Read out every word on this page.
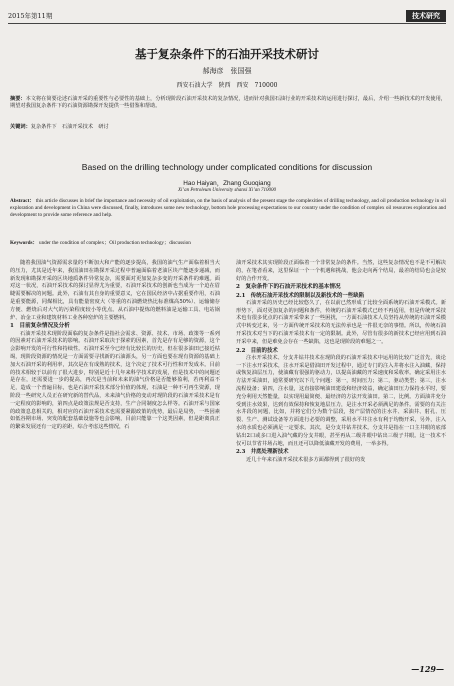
2015年第11期	技术研究
基于复杂条件下的石油开采技术研讨
郝海彦　张国强
西安石油大学　陕西　西安　710000
摘要：本文将在简要论述石油开采的重要性与必要性的基础上，分析现阶段石油开采技术的复杂情况，进而针对我国石油行业的开采技术的运用进行探讨，最后，介绍一些新技术的开发使用，期望对我国复杂条件下的石油资源勘探开发提供一些借鉴和帮助。
关键词：复杂条件下　石油开采技术　研讨
Based on the drilling technology under complicated conditions for discussion
Hao Haiyan，Zhang Guoqiang
Xi’an Petroleum University shanxi Xi’an 710000
Abstract： this article discusses in brief the importance and necessity of oil exploitation, on the basis of analysis of the present stage the complexities of drilling technology, and oil production technology in oil exploration and development in China were discussed, finally, introduces some new technology, bottom hole processing expectations to our country under the condition of complex oil resources exploration and development to provide some reference and help.
Keywords： under the condition of complex；Oil production technology；discussion

随着我国油气资源需求量的不断加大和产能的逐步提高，我国的油气生产面临着相当大的压力，尤其是近年来，我国油田在勘探开采过程中普遍面临着老油区块产能逐步递减，而新发现和勘探开采的区块地质条件异常复杂，需要面对更加复杂多变的开采条件的难题。面对这一状况，石油开采技术的探讨显得尤为重要，石油开采技术的创新也当成为一个迫在眉睫需要解决的问题。此外，石油有其自身的重要意义，它在国民经济中占据重要作用，石油是重要能源，同煤相比，具有能量密度大（等重的石油燃烧热比标准煤高50%）、运输储存方便、燃烧后对大气的污染程度较小等优点。从石油中提炼的燃料油是运输工具、电站锅炉、冶金工业和建筑材料工业各种窑炉的主要燃料。

1　目前复杂情况及分析

石油开采技术现阶段面临的复杂条件是指社会需求、资源、技术、市场、政策等一系列的因素对石油开采技术的影响。石油开采取决于探索的因素，首先是存有足够的资源，这个会影响开发的可行性和持续性。石油开采至今已经有比较长的历史，但在很多油田已接近枯竭，现阶段资源的情况是一方面需要寻找新的石油源头，另一方面也要在现有资源的基础上加大石油开采的利用率，其次是在有成熟的技术，这个决定了技术可行性和开发成本。目前的技术相较于以前有了很大进步，特别是近十几年来科学技术的发展，但是技术中的问题还是存在，还需要进一步的提高，再次是当前和未来的油气价格是否能够盈利，若再利益不足，造成一个普遍目标，也是石油开采技术部分价值的体现，石油是一种不可再生资源，现阶段一些研究人员正在研究新的替代品，未来油气价格的变动对现阶段的石油开采技术是有一定程度的影响的，第四点是政策法规是否支持，生产合同制度怎么样等。石油开采与国家的政策息息相关的，相对应的石油开采技术也需要紧跟政策的优势，最后是局势，一些因素如低谷期市场、突发的配套基础设施等也会影响，目前只能靠一个这类因素，但是距离真正的繁荣发展还有一定的差距，综合考虑这些情况，石

油开采技术其实现阶段正面临着一个非常复杂的条件。当然，这些复杂情况也不是不可解决的，在笔者看来，这里保证一个一个机遇和挑战，他会走向两个结局，最差的结局也会是较好的合作开发。

2　复杂条件下的石油开采技术的基本情况
2.1　传统石油开采技术的限制以及新技术的一些缺陷

石油开采的历史已经比较悠久了，在以前已然形成了比较全面系统的石油开采模式。新形势下，面对更加复杂的问题和条件，传统的石油开采模式已经不再适用，但是传统开采技术也有很多优点的石油开采带来了一些困扰，一方面石油技术人员坚持从传统的石油开采模式中转变过来，另一方面传统开采技术的无法传承也是一件很无奈的事情。所以，传统石油开采技术对当下的石油开采技术有一定的限制。此外，尽管有很多的新技术已经应用到石油开采中来，但是难免会存在一些缺陷，这也是现阶段的难题之一。

2.2　目前的技术

注水开采技术、分支井钻井技术在现阶段的石油开采技术中运用的比较广泛首先，谈论一下注水开采技术，注水开采是借油田开发过程中，通过专门的注入井将水注入油藏，保持或恢复油层压力，使油藏有很强的驱动力，以提高油藏的开采速度和采收率。确定采用注水方法开采油田，通常要研究以下几个问题：第一，时间压力；第二，驱动类型；第三，注水流程设备；第四，注水量，这直接影响油田建设和经济效益，确定油田压力保持水平时，要充分利用天然能量，以实现用最简便、最经济的方法开发油田。第二，比例。方面油井充分受到注水效果，达到有效保持和恢复地层压力，是注水开采必须满足的条件。需要的有关注水井段的问题，比如，并将它们分为数个层段，按产层情况的注水井、采油井、射孔、压裂、生产、测试设备等方面进行必要的调整，采用水平井注水有利于均衡开采，另外，注入水的水质也必须满足一定要求。其次，是分支井钻井技术。分支井是指在一口主井眼的底部钻出2口或多口进入油气藏的分支井眼，甚至再从二级井眼中钻出三级子井眼。这一技术不仅可以节省井场占地，而且还可以降低油藏开发的费用，一举多得。

2.3　井底处理新技术

近几十年来石油开采技术很多方面都得到了很好的发

—129—
